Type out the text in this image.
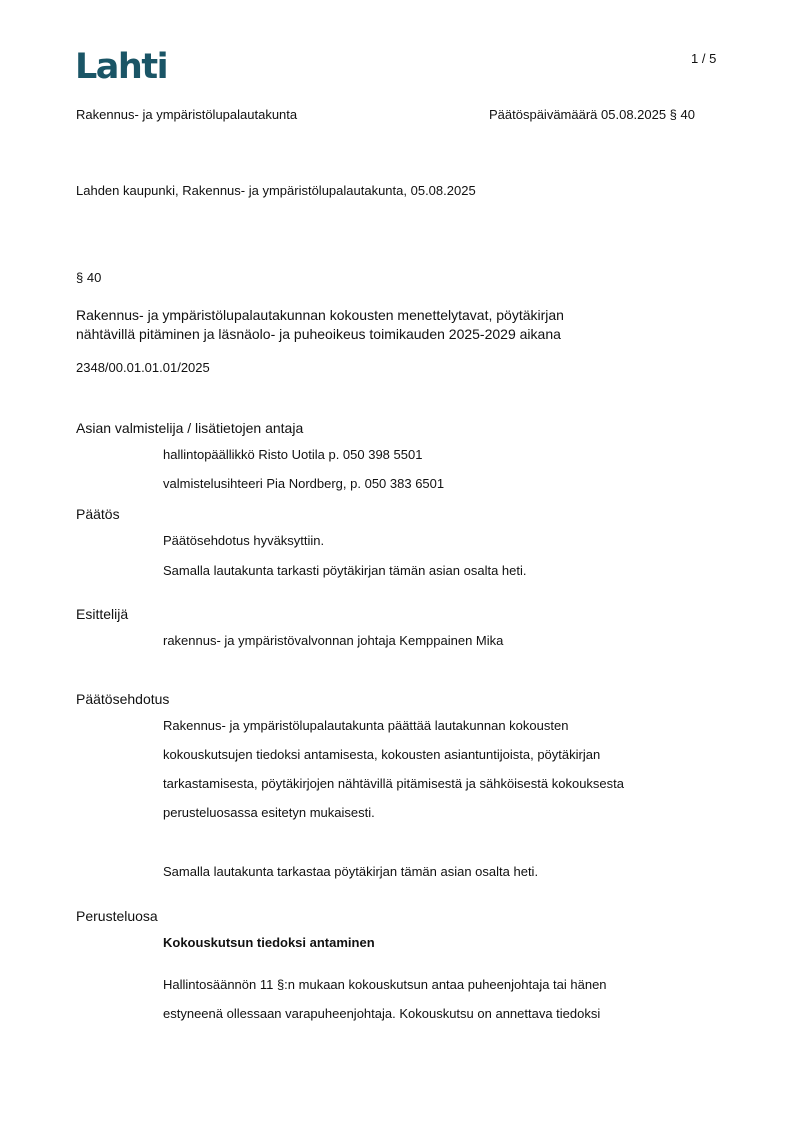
Lahti	1 / 5
Rakennus- ja ympäristölupalautakunta	Päätöspäivämäärä 05.08.2025 § 40
Lahden kaupunki, Rakennus- ja ympäristölupalautakunta, 05.08.2025
§ 40
Rakennus- ja ympäristölupalautakunnan kokousten menettelytavat, pöytäkirjan
nähtävillä pitäminen ja läsnäolo- ja puheoikeus toimikauden 2025-2029 aikana
2348/00.01.01.01/2025
Asian valmistelija / lisätietojen antaja
hallintopäällikkö Risto Uotila p. 050 398 5501
valmistelusihteeri Pia Nordberg, p. 050 383 6501
Päätös
Päätösehdotus hyväksyttiin.
Samalla lautakunta tarkasti pöytäkirjan tämän asian osalta heti.
Esittelijä
rakennus- ja ympäristövalvonnan johtaja Kemppainen Mika
Päätösehdotus
Rakennus- ja ympäristölupalautakunta päättää lautakunnan kokousten
kokouskutsujen tiedoksi antamisesta, kokousten asiantuntijoista, pöytäkirjan
tarkastamisesta, pöytäkirjojen nähtävillä pitämisestä ja sähköisestä kokouksesta
perusteluosassa esitetyn mukaisesti.
Samalla lautakunta tarkastaa pöytäkirjan tämän asian osalta heti.
Perusteluosa
Kokouskutsun tiedoksi antaminen
Hallintosäännön 11 §:n mukaan kokouskutsun antaa puheenjohtaja tai hänen
estyneenä ollessaan varapuheenjohtaja. Kokouskutsu on annettava tiedoksi
